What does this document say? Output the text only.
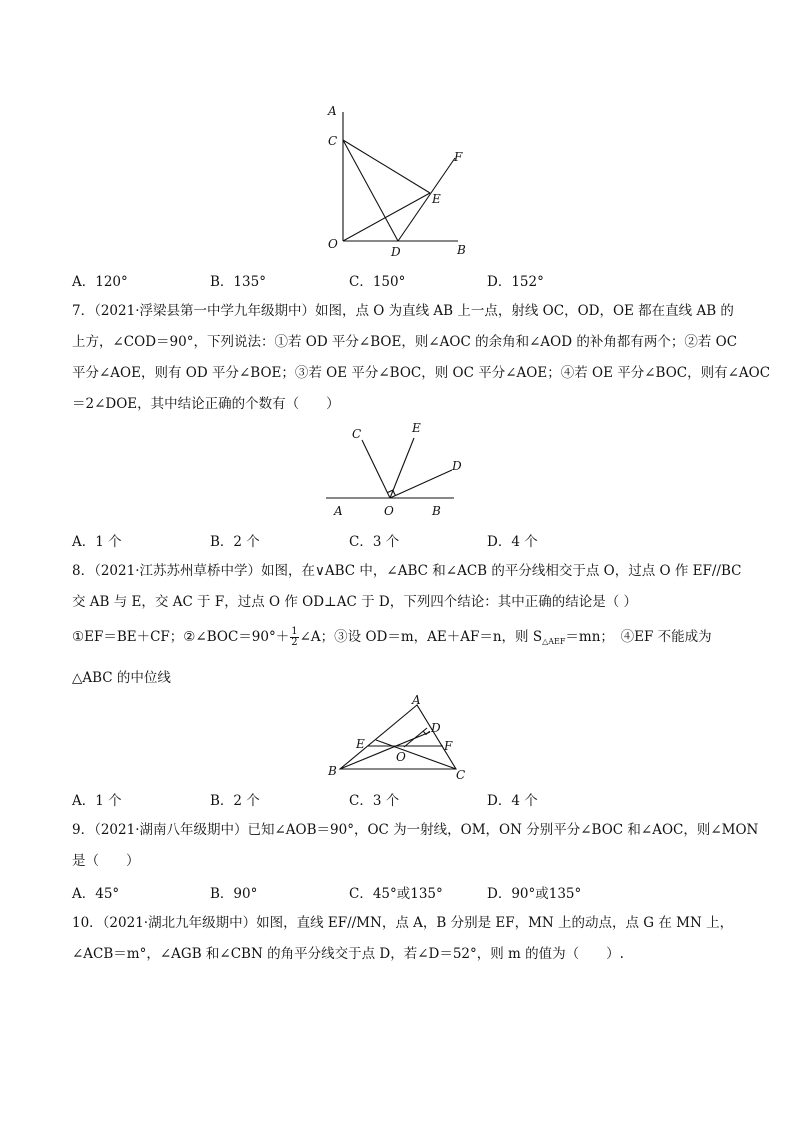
A
C
F
E
O
D	B
A．120°	B．135°	C．150°	D．152°
7．（2021·浮梁县第一中学九年级期中）如图，点 O 为直线 AB 上一点，射线 OC，OD，OE 都在直线 AB 的
上方，∠COD＝90°，下列说法：①若 OD 平分∠BOE，则∠AOC 的余角和∠AOD 的补角都有两个；②若 OC
平分∠AOE，则有 OD 平分∠BOE；③若 OE 平分∠BOC，则 OC 平分∠AOE；④若 OE 平分∠BOC，则有∠AOC
＝2∠DOE，其中结论正确的个数有（　　）
C	E
D
A	O	B
A．1 个	B．2 个	C．3 个	D．4 个
8．（2021·江苏苏州草桥中学）如图，在∨ABC 中，∠ABC 和∠ACB 的平分线相交于点 O，过点 O 作 EF//BC
交 AB 与 E，交 AC 于 F，过点 O 作 OD⊥AC 于 D，下列四个结论：其中正确的结论是（ ）
①EF＝BE＋CF；②∠BOC＝90°＋ $\frac{1}{2}$ ∠A；③设 OD＝m，AE＋AF＝n，则 $S_{\triangle AEF}=mn$；　④EF 不能成为
△ABC 的中位线
A
D
E	F
O
B	C
A．1 个	B．2 个	C．3 个	D．4 个
9．（2021·湖南八年级期中）已知∠AOB＝90°，OC 为一射线，OM，ON 分别平分∠BOC 和∠AOC，则∠MON
是（　　）
A．45°	B．90°	C．45°或135°	D．90°或135°
10．（2021·湖北九年级期中）如图，直线 EF//MN，点 A，B 分别是 EF，MN 上的动点，点 G 在 MN 上，
∠ACB＝m°，∠AGB 和∠CBN 的角平分线交于点 D，若∠D＝52°，则 m 的值为（　　）.
